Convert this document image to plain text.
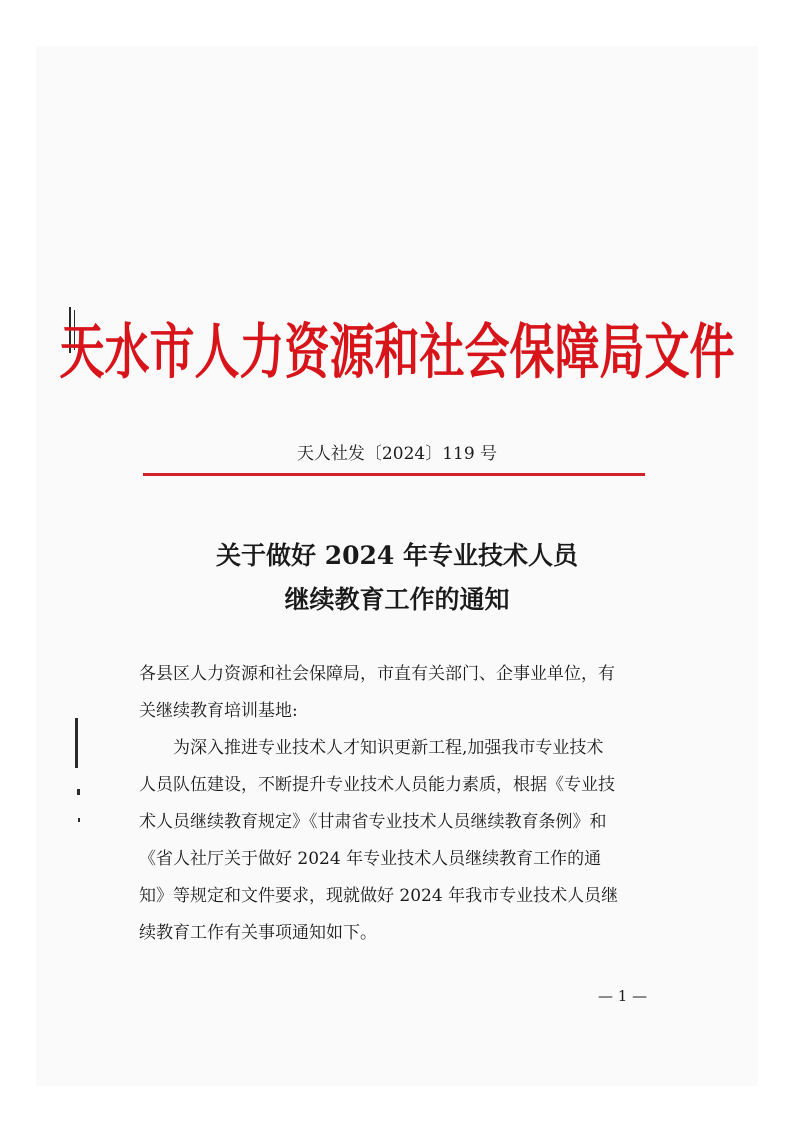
天水市人力资源和社会保障局文件
天人社发〔2024〕119 号
关于做好 2024 年专业技术人员
继续教育工作的通知
各县区人力资源和社会保障局，市直有关部门、企事业单位，有
关继续教育培训基地:
　　为深入推进专业技术人才知识更新工程,加强我市专业技术
人员队伍建设，不断提升专业技术人员能力素质，根据《专业技
术人员继续教育规定》《甘肃省专业技术人员继续教育条例》和
《省人社厅关于做好 2024 年专业技术人员继续教育工作的通
知》等规定和文件要求，现就做好 2024 年我市专业技术人员继
续教育工作有关事项通知如下。
— 1 —
